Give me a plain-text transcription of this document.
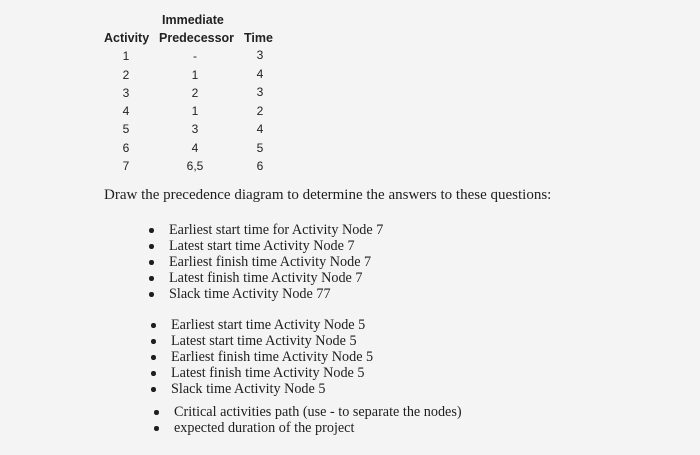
Immediate
Activity Predecessor Time
1	-	3
2	1	4
3	2	3
4	1	2
5	3	4
6	4	5
7	6,5	6
Draw the precedence diagram to determine the answers to these questions:
Earliest start time for Activity Node 7
Latest start time Activity Node 7
Earliest finish time Activity Node 7
Latest finish time Activity Node 7
Slack time Activity Node 77
Earliest start time Activity Node 5
Latest start time Activity Node 5
Earliest finish time Activity Node 5
Latest finish time Activity Node 5
Slack time Activity Node 5
Critical activities path (use - to separate the nodes)
expected duration of the project
